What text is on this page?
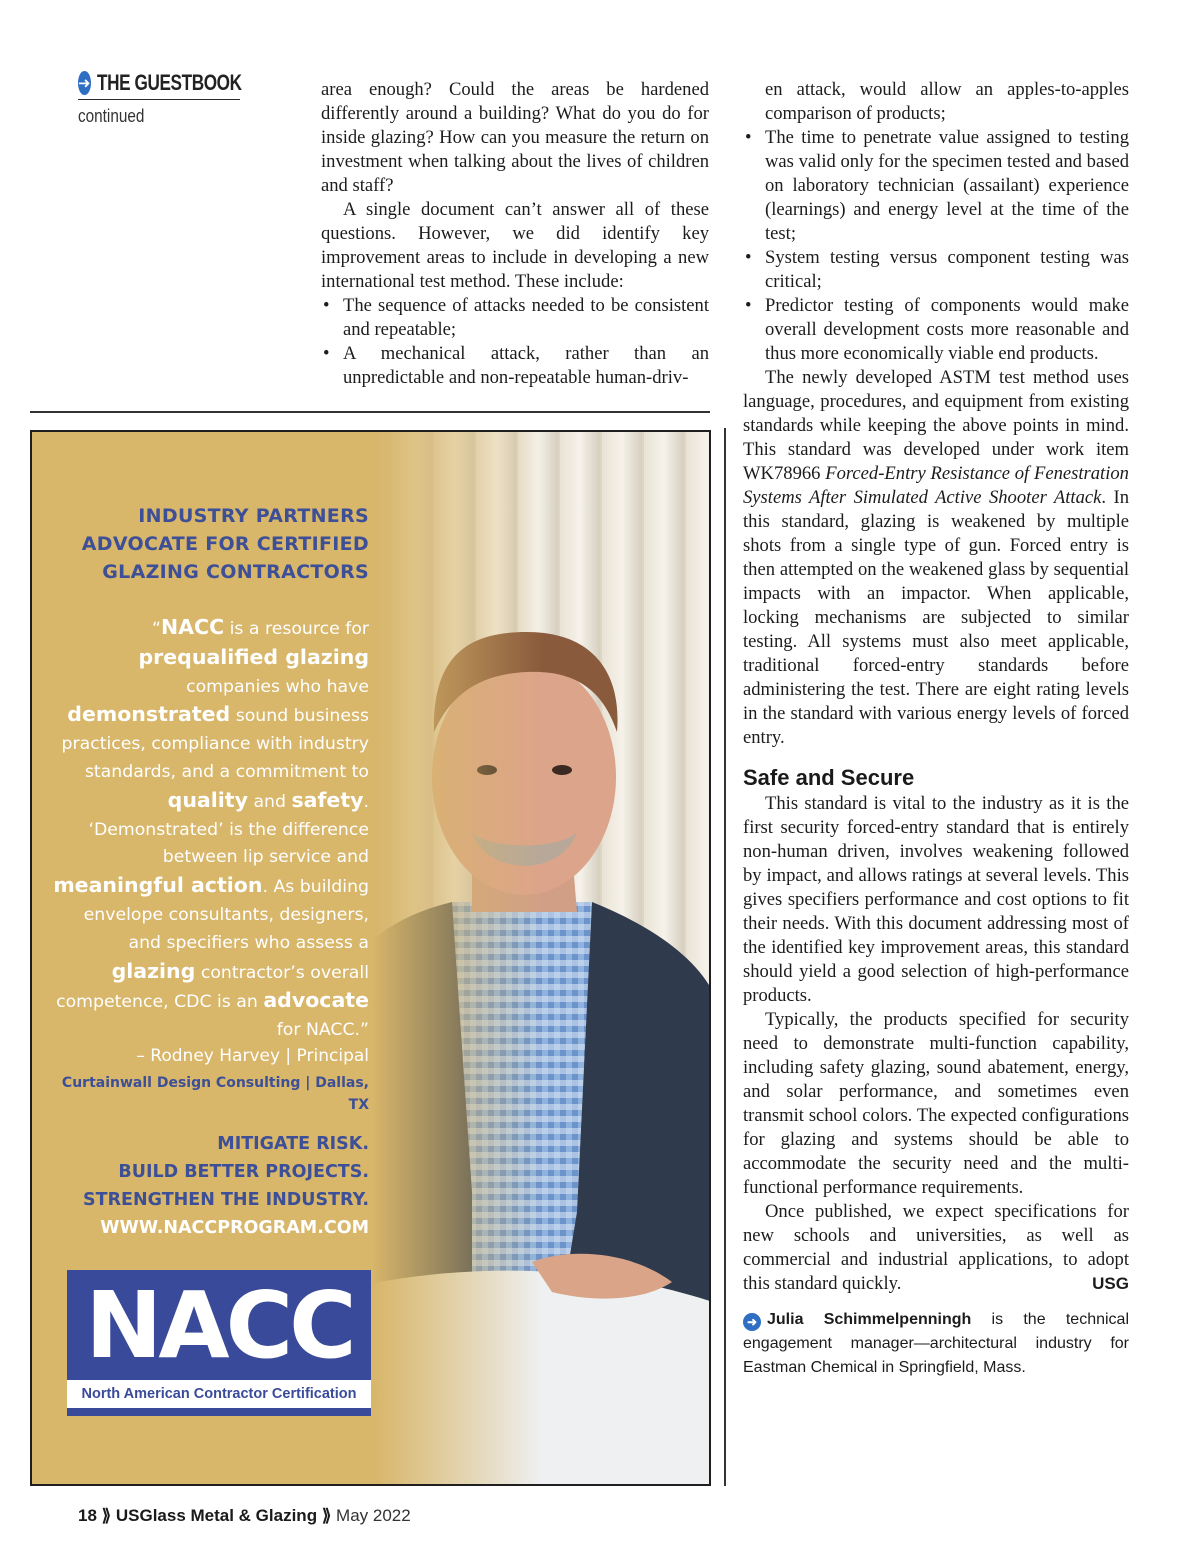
➜ THE GUESTBOOK
continued

area enough? Could the areas be hardened differently around a building? What do you do for inside glazing? How can you measure the return on investment when talking about the lives of children and staff?

A single document can’t answer all of these questions. However, we did identify key improvement areas to include in developing a new international test method. These include:

• The sequence of attacks needed to be consistent and repeatable;
• A mechanical attack, rather than an unpredictable and non-repeatable human-driv-

en attack, would allow an apples-to-apples comparison of products;

• The time to penetrate value assigned to testing was valid only for the specimen tested and based on laboratory technician (assailant) experience (learnings) and energy level at the time of the test;
• System testing versus component testing was critical;
• Predictor testing of components would make overall development costs more reasonable and thus more economically viable end products.

The newly developed ASTM test method uses language, procedures, and equipment from existing standards while keeping the above points in mind. This standard was developed under work item WK78966 Forced-Entry Resistance of Fenestration Systems After Simulated Active Shooter Attack. In this standard, glazing is weakened by multiple shots from a single type of gun. Forced entry is then attempted on the weakened glass by sequential impacts with an impactor. When applicable, locking mechanisms are subjected to similar testing. All systems must also meet applicable, traditional forced-entry standards before administering the test. There are eight rating levels in the standard with various energy levels of forced entry.

Safe and Secure

This standard is vital to the industry as it is the first security forced-entry standard that is entirely non-human driven, involves weakening followed by impact, and allows ratings at several levels. This gives specifiers performance and cost options to fit their needs. With this document addressing most of the identified key improvement areas, this standard should yield a good selection of high-performance products.

Typically, the products specified for security need to demonstrate multi-function capability, including safety glazing, sound abatement, energy, and solar performance, and sometimes even transmit school colors. The expected configurations for glazing and systems should be able to accommodate the security need and the multi-functional performance requirements.

Once published, we expect specifications for new schools and universities, as well as commercial and industrial applications, to adopt this standard quickly.	USG

➜ Julia Schimmelpenningh is the technical engagement manager—architectural industry for Eastman Chemical in Springfield, Mass.
INDUSTRY PARTNERS
ADVOCATE FOR CERTIFIED
GLAZING CONTRACTORS
“NACC is a resource for prequalified glazing companies who have demonstrated sound business practices, compliance with industry standards, and a commitment to quality and safety. ‘Demonstrated’ is the difference between lip service and meaningful action. As building envelope consultants, designers, and specifiers who assess a glazing contractor’s overall competence, CDC is an advocate for NACC.”
– Rodney Harvey | Principal
Curtainwall Design Consulting | Dallas, TX
MITIGATE RISK.
BUILD BETTER PROJECTS.
STRENGTHEN THE INDUSTRY.
WWW.NACCPROGRAM.COM
NACC
North American Contractor Certification
18 ⟫ USGlass Metal & Glazing ⟫ May 2022
